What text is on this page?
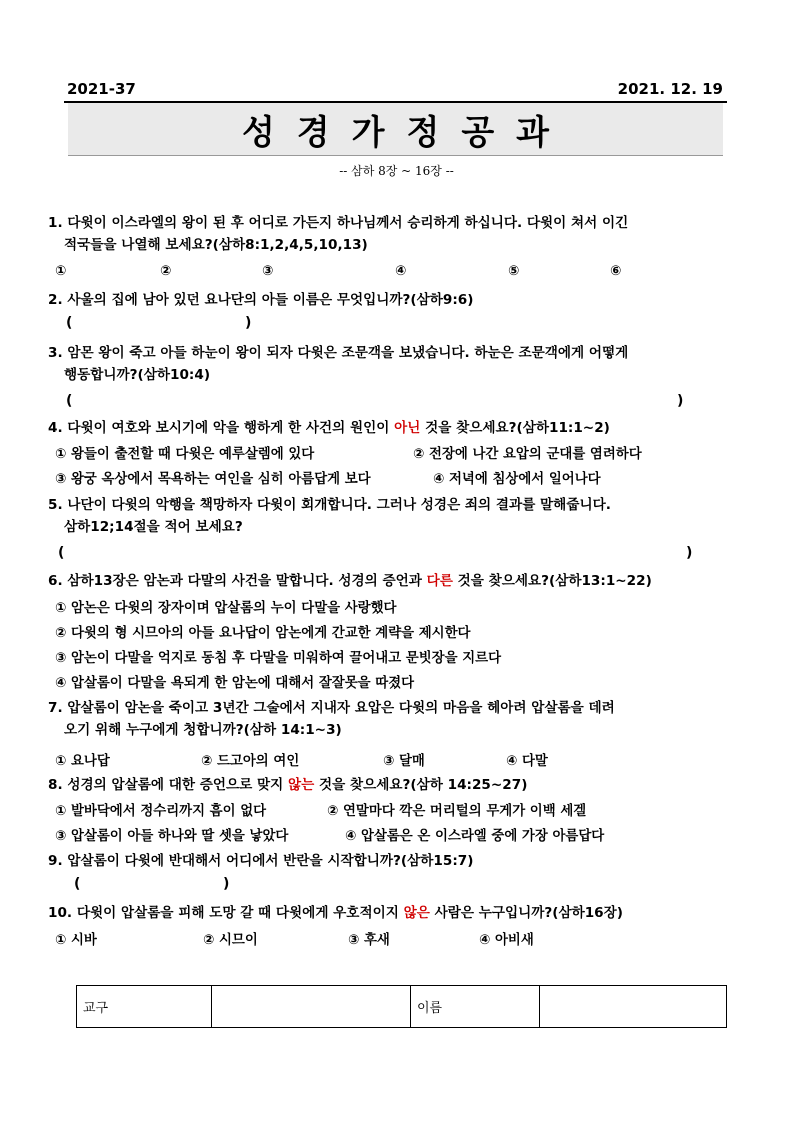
2021-37	2021. 12. 19
성경가정공과
-- 삼하 8장 ~ 16장 --
1. 다윗이 이스라엘의 왕이 된 후 어디로 가든지 하나님께서 승리하게 하십니다. 다윗이 쳐서 이긴
적국들을 나열해 보세요?(삼하8:1,2,4,5,10,13)
①	②	③	④	⑤	⑥
2. 사울의 집에 남아 있던 요나단의 아들 이름은 무엇입니까?(삼하9:6)
(	)
3. 암몬 왕이 죽고 아들 하눈이 왕이 되자 다윗은 조문객을 보냈습니다. 하눈은 조문객에게 어떻게
행동합니까?(삼하10:4)
(	)
4. 다윗이 여호와 보시기에 악을 행하게 한 사건의 원인이 아닌 것을 찾으세요?(삼하11:1~2)
① 왕들이 출전할 때 다윗은 예루살렘에 있다	② 전장에 나간 요압의 군대를 염려하다
③ 왕궁 옥상에서 목욕하는 여인을 심히 아름답게 보다	④ 저녁에 침상에서 일어나다
5. 나단이 다윗의 악행을 책망하자 다윗이 회개합니다. 그러나 성경은 죄의 결과를 말해줍니다.
삼하12;14절을 적어 보세요?
(	)
6. 삼하13장은 암논과 다말의 사건을 말합니다. 성경의 증언과 다른 것을 찾으세요?(삼하13:1~22)
① 암논은 다윗의 장자이며 압살롬의 누이 다말을 사랑했다
② 다윗의 형 시므아의 아들 요나답이 암논에게 간교한 계략을 제시한다
③ 암논이 다말을 억지로 동침 후 다말을 미워하여 끌어내고 문빗장을 지르다
④ 압살롬이 다말을 욕되게 한 암논에 대해서 잘잘못을 따졌다
7. 압살롬이 암논을 죽이고 3년간 그술에서 지내자 요압은 다윗의 마음을 헤아려 압살롬을 데려
오기 위해 누구에게 청합니까?(삼하 14:1~3)
① 요나답	② 드고아의 여인	③ 달매	④ 다말
8. 성경의 압살롬에 대한 증언으로 맞지 않는 것을 찾으세요?(삼하 14:25~27)
① 발바닥에서 정수리까지 흠이 없다	② 연말마다 깍은 머리털의 무게가 이백 세겔
③ 압살롬이 아들 하나와 딸 셋을 낳았다	④ 압살롬은 온 이스라엘 중에 가장 아름답다
9. 압살롬이 다윗에 반대해서 어디에서 반란을 시작합니까?(삼하15:7)
(	)
10. 다윗이 압살롬을 피해 도망 갈 때 다윗에게 우호적이지 않은 사람은 누구입니까?(삼하16장)
① 시바	② 시므이	③ 후새	④ 아비새
교구		이름	
